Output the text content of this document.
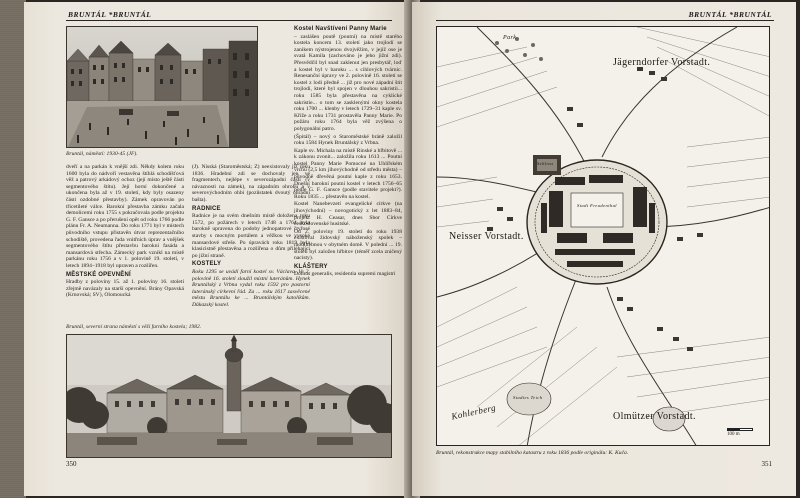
BRUNTÁL *BRUNTÁL
Bruntál, náměstí: 1930-45 (JF).

dveří a na parkán k vnější zdi. Někdy kolem roku 1600 byla do nádvoří vestavěna štíhlá schodišťová věž a patrový arkádový ochoz (její místo ještě části segmentového štítu). Její horní dokončené a ukončena byla až v 19. století, kdy byly osazeny části ozdobné přestavby). Zámek opravován po třicetileté válce. Barokní přestavba zámku začala demolicemi roku 1755 s pokračovala podle projektu G. F. Gansce a po přerušení opět od roku 1766 podle plánu Fr. A. Neumanna. Do roku 1771 byl v místech původního vstupu přistavěn útvar reprezentačního schodiště, provedena řada vnitřních úprav a vnějšek segmentového štítu přestavbu barokní fasáda a mansardová střecha. Zámecký park vznikl na místě parkánu roku 1756 a v 1. polovině 19. století, v letech 1894–1918 byl upraven a rozšířen.

MĚSTSKÉ OPEVNĚNÍ

Hradby z poloviny 15. až 1. poloviny 16. století zřejmě navázaly na starší opevnění. Brány Opavská (Krnovská; SV), Olomoucká

(J). Nisská (Staroměstská; Z) neexistovaly již roku 1836. Hradební zdi se dochovaly jen ve fragmentech, nejlépe v severozápadní části (v návaznosti na zámek), na západním ohrobu a v severovýchodním ohbí (pozůstatek dvoutý ohradní bašta).

RADNICE

Radnice je na svém dnešním místě doložena roku 1572, po požárech v letech 1748 a 1764 byla barokně upravena do podoby jednopatrové čtyřosé stavby s mocným portálem a věžkou ve vysoké mansardové střeše. Po úpravách roku 1819 byla klasicistně přestavěna a rozšířena o dům přiléhající po jižní straně.

KOSTELY

Roku 1295 se uvádí farní kostel sv. Václava. Ve 2. polovině 16. století sloužil místní luteránům. Hynek Bruntálský z Vrbna vydal roku 1592 pro pastorní luteránský církevní řád. Za ... roku 1617 zasvěcené městu Bruntálu ke ... Bruntálským katolíkům. Důkazský kostel.

Bruntál, severní strana náměstí s věží farního kostela; 1982.
350
BRUNTÁL *BRUNTÁL
Jägerndorfer Vorstadt.
Neisser Vorstadt.
Olmützer Vorstadt.
Kohlerberg
Park
Stadt Freudenthal
Schloss
Stadtes Teich
100 m
Bruntál, rekonstrukce mapy stabilního katastru z roku 1836 podle originálu: K. Kuča.
351
Kostel Navštívení Panny Marie

– zaslášen poutě (poutní) na místě starého kostela koncem 13. století jako trojlodí se zanikem nýstrojenou dvojvěžím, v jejíž ose je svatá Kamila (zachováno je jeho jižní zdi). Přesvědčil byl snad zaklenut jen presbytář, loď a kostel byl v baroku ... s cihlových tvárnic. Renesanční úpravy ve 2. polovině 16. století se kostel z lodi předně ... již pro nové západní štít trojlodí, které byl spojen v dlouhou sakristii... roku 1585 byla přestavěna na cyklické sakristie... o tom se zasklenými okny kostela roku 1700 ... klenby v letech 1729–31 kaple sv. Kříže a roku 1731 prostavěla Panny Marie. Po požáru roku 1764 byla věž zvýšena o polygonální patro.

(Špitál) – nový o Staroměstské bráně založil roku 1584 Hynek Bruntálský z Vrbna.

Kaple sv. Michala na místě Rinské a hřbitově ... k zákonu zvonit... založila roku 1613 ... Poutní kostel Panny Marie Pomocné na Uhlířském vrchu (2,5 km jihovýchodně od středu města) – původně dřevěná poutní kaple z roku 1653. Dnešní barokní poutní kostel v letech 1756–65 podle G. F. Gansce (podle stavitele projekt?). Roku 1835 ... přestavěn na kostel.

Kostel Nanebevzetí evangelické církve (na jihovýchodní) – novogotický z let 1883–84, projekt H. Ceasar, dnes Sbor Církve československé husitské.

Od 2. poloviny 19. století do roku 1938 existoval židovský náboženský spolek – modlitebnou v obytném domě. V polední ... 19. století byl založen hřbitov (téměř zcela zničený nacisty).

KLÁŠTERY

Domus generalis, residentia supremi magistri
